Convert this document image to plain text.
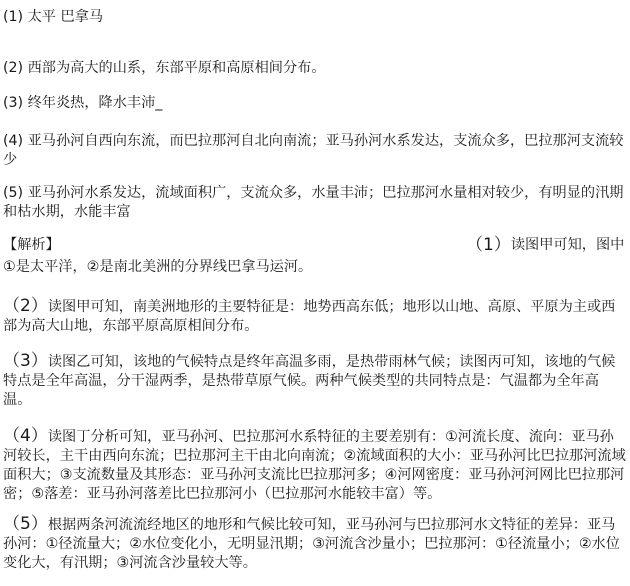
(1) 太平 巴拿马

(2) 西部为高大的山系，东部平原和高原相间分布。

(3) 终年炎热，降水丰沛_

(4) 亚马孙河自西向东流，而巴拉那河自北向南流；亚马孙河水系发达，支流众多，巴拉那河支流较少

(5) 亚马孙河水系发达，流域面积广，支流众多，水量丰沛；巴拉那河水量相对较少，有明显的汛期和枯水期，水能丰富

【解析】	（1）读图甲可知，图中

①是太平洋，②是南北美洲的分界线巴拿马运河。

（2）读图甲可知，南美洲地形的主要特征是：地势西高东低；地形以山地、高原、平原为主或西部为高大山地，东部平原高原相间分布。

（3）读图乙可知，该地的气候特点是终年高温多雨，是热带雨林气候；读图丙可知，该地的气候特点是全年高温，分干湿两季，是热带草原气候。两种气候类型的共同特点是：气温都为全年高温。

（4）读图丁分析可知，亚马孙河、巴拉那河水系特征的主要差别有：①河流长度、流向：亚马孙河较长，主干由西向东流；巴拉那河主干由北向南流；②流域面积的大小：亚马孙河比巴拉那河流域面积大；③支流数量及其形态：亚马孙河支流比巴拉那河多；④河网密度：亚马孙河河网比巴拉那河密；⑤落差：亚马孙河落差比巴拉那河小（巴拉那河水能较丰富）等。

（5）根据两条河流流经地区的地形和气候比较可知，亚马孙河与巴拉那河水文特征的差异：亚马孙河：①径流量大；②水位变化小，无明显汛期；③河流含沙量小；巴拉那河：①径流量小；②水位变化大，有汛期；③河流含沙量较大等。
